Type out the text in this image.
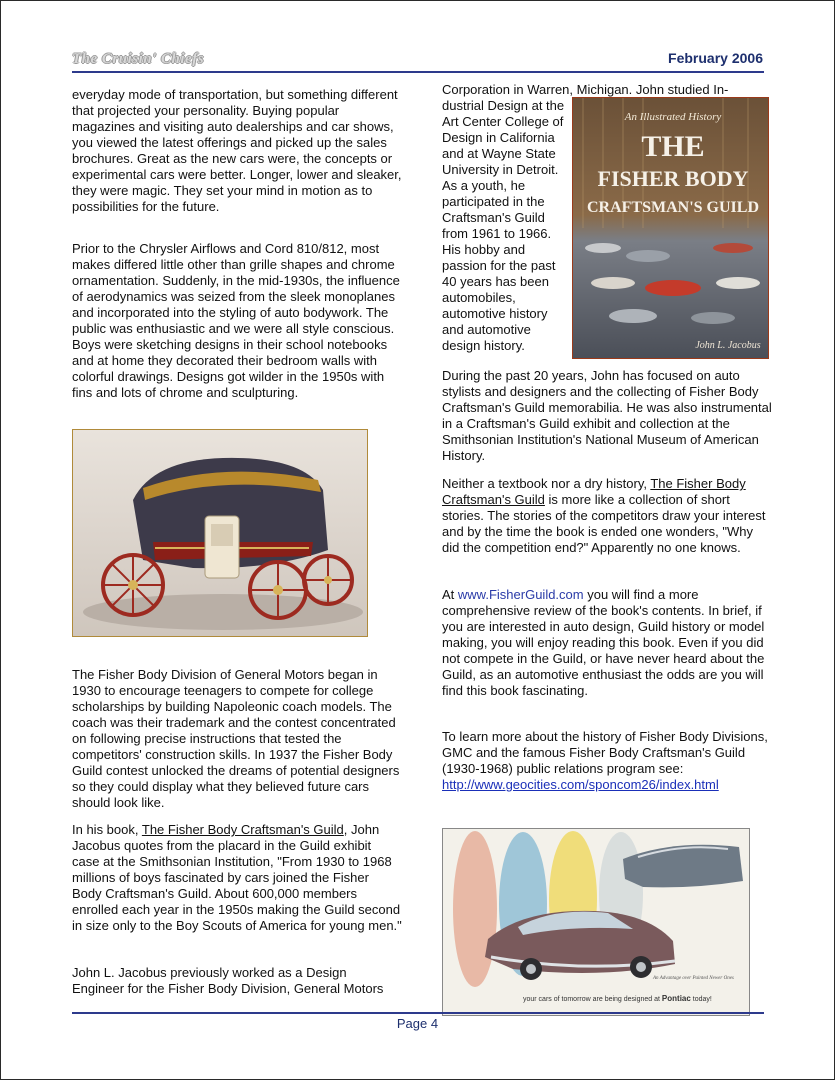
The Cruisin' Chiefs	February 2006

everyday mode of transportation, but something different that projected your personality. Buying popular magazines and visiting auto dealerships and car shows, you viewed the latest offerings and picked up the sales brochures. Great as the new cars were, the concepts or experimental cars were better. Longer, lower and sleaker, they were magic. They set your mind in motion as to possibilities for the future.

Prior to the Chrysler Airflows and Cord 810/812, most makes differed little other than grille shapes and chrome ornamentation. Suddenly, in the mid-1930s, the influence of aerodynamics was seized from the sleek monoplanes and incorporated into the styling of auto bodywork. The public was enthusiastic and we were all style conscious. Boys were sketching designs in their school notebooks and at home they decorated their bedroom walls with colorful drawings. Designs got wilder in the 1950s with fins and lots of chrome and sculpturing.

The Fisher Body Division of General Motors began in 1930 to encourage teenagers to compete for college scholarships by building Napoleonic coach models. The coach was their trademark and the contest concentrated on following precise instructions that tested the competitors' construction skills. In 1937 the Fisher Body Guild contest unlocked the dreams of potential designers so they could display what they believed future cars should look like.

In his book, The Fisher Body Craftsman's Guild, John Jacobus quotes from the placard in the Guild exhibit case at the Smithsonian Institution, "From 1930 to 1968 millions of boys fascinated by cars joined the Fisher Body Craftsman's Guild. About 600,000 members enrolled each year in the 1950s making the Guild second in size only to the Boy Scouts of America for young men."

John L. Jacobus previously worked as a Design Engineer for the Fisher Body Division, General Motors

Corporation in Warren, Michigan. John studied In-

dustrial Design at the Art Center College of Design in California and at Wayne State University in Detroit. As a youth, he participated in the Craftsman's Guild from 1961 to 1966. His hobby and passion for the past 40 years has been automobiles, automotive history and automotive design history.

An Illustrated History
THE
FISHER BODY
CRAFTSMAN'S GUILD
John L. Jacobus

During the past 20 years, John has focused on auto stylists and designers and the collecting of Fisher Body Craftsman's Guild memorabilia. He was also instrumental in a Craftsman's Guild exhibit and collection at the Smithsonian Institution's National Museum of American History.

Neither a textbook nor a dry history, The Fisher Body Craftsman's Guild is more like a collection of short stories. The stories of the competitors draw your interest and by the time the book is ended one wonders, "Why did the competition end?" Apparently no one knows.

At www.FisherGuild.com you will find a more comprehensive review of the book's contents. In brief, if you are interested in auto design, Guild history or model making, you will enjoy reading this book. Even if you did not compete in the Guild, or have never heard about the Guild, as an automotive enthusiast the odds are you will find this book fascinating.

To learn more about the history of Fisher Body Divisions, GMC and the famous Fisher Body Craftsman's Guild (1930-1968) public relations program see:

http://www.geocities.com/sponcom26/index.html

An Advantage over Painted Newer Ones
your cars of tomorrow are being designed at Pontiac today!
Page 4
